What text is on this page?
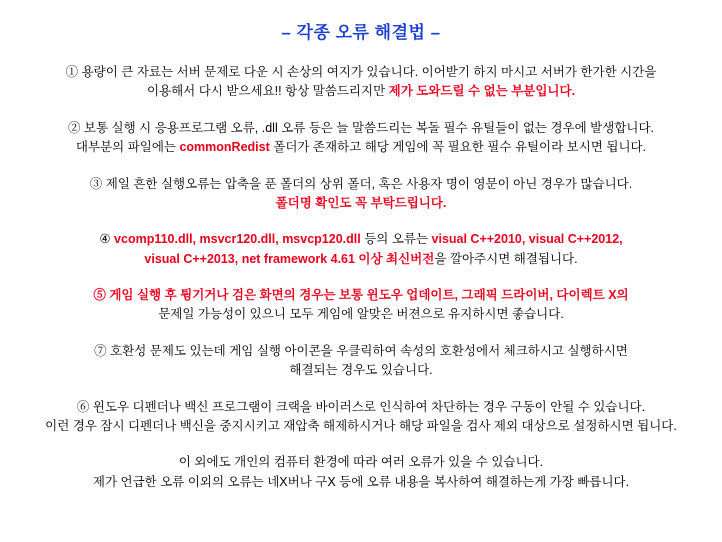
– 각종 오류 해결법 –
① 용량이 큰 자료는 서버 문제로 다운 시 손상의 여지가 있습니다. 이어받기 하지 마시고 서버가 한가한 시간을
이용해서 다시 받으세요!! 항상 말씀드리지만 제가 도와드릴 수 없는 부분입니다.
② 보통 실행 시 응용프로그램 오류, .dll 오류 등은 늘 말씀드리는 복돌 필수 유틸들이 없는 경우에 발생합니다.
대부분의 파일에는 commonRedist 폴더가 존재하고 해당 게임에 꼭 필요한 필수 유틸이라 보시면 됩니다.
③ 제일 흔한 실행오류는 압축을 푼 폴더의 상위 폴더, 혹은 사용자 명이 영문이 아닌 경우가 많습니다.
폴더명 확인도 꼭 부탁드립니다.
④ vcomp110.dll, msvcr120.dll, msvcp120.dll 등의 오류는 visual C++2010, visual C++2012,
visual C++2013, net framework 4.61 이상 최신버전을 깔아주시면 해결됩니다.
⑤ 게임 실행 후 튕기거나 검은 화면의 경우는 보통 윈도우 업데이트, 그래픽 드라이버, 다이렉트 X의
문제일 가능성이 있으니 모두 게임에 알맞은 버젼으로 유지하시면 좋습니다.
⑦ 호환성 문제도 있는데 게임 실행 아이콘을 우클릭하여 속성의 호환성에서 체크하시고 실행하시면
해결되는 경우도 있습니다.
⑥ 윈도우 디펜더나 백신 프로그램이 크랙을 바이러스로 인식하여 차단하는 경우 구동이 안될 수 있습니다.
이런 경우 잠시 디펜더나 백신을 중지시키고 재압축 해제하시거나 해당 파일을 검사 제외 대상으로 설정하시면 됩니다.
이 외에도 개인의 컴퓨터 환경에 따라 여러 오류가 있을 수 있습니다.
제가 언급한 오류 이외의 오류는 네X버나 구X 등에 오류 내용을 복사하여 해결하는게 가장 빠릅니다.
